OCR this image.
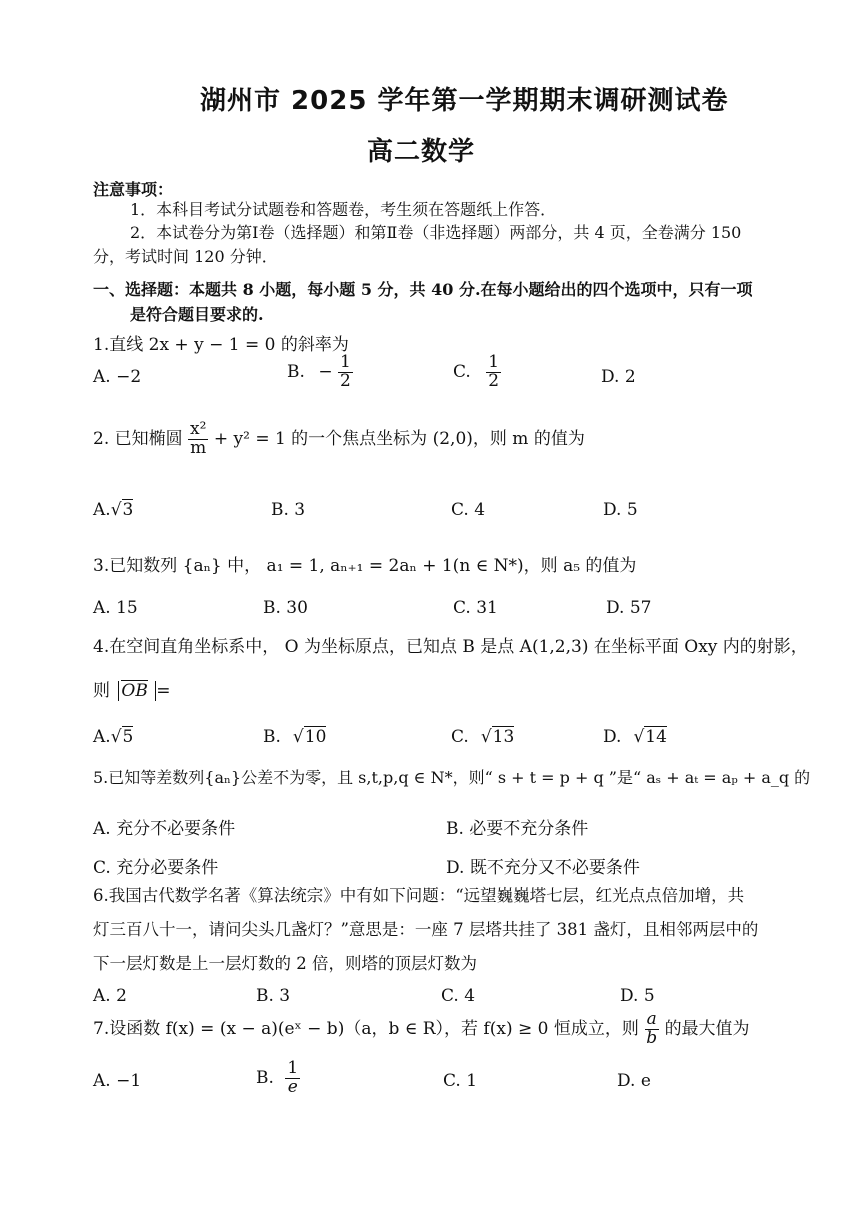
湖州市 2025 学年第一学期期末调研测试卷
高二数学
注意事项：
1．本科目考试分试题卷和答题卷，考生须在答题纸上作答．
2．本试卷分为第Ⅰ卷（选择题）和第Ⅱ卷（非选择题）两部分，共 4 页，全卷满分 150
分，考试时间 120 分钟．
一、选择题：本题共 8 小题，每小题 5 分，共 40 分.在每小题给出的四个选项中，只有一项
是符合题目要求的.
1.直线 2x + y − 1 = 0 的斜率为
A. −2	B. − $\frac{1}{2}$	C. $\frac{1}{2}$	D. 2
2. 已知椭圆 $\frac{\text{x²}}{m} + y^2 = 1$ 的一个焦点坐标为 (2,0)，则 m 的值为
A.√3	B. 3	C. 4	D. 5
3.已知数列 {aₙ} 中， a₁ = 1, aₙ₊₁ = 2aₙ + 1(n ∈ N*)，则 a₅ 的值为
A. 15	B. 30	C. 31	D. 57
4.在空间直角坐标系中， O 为坐标原点，已知点 B 是点 A(1,2,3) 在坐标平面 Oxy 内的射影，
则 OB =
A.√5	B. √10	C. √13	D. √14
5.已知等差数列{aₙ}公差不为零，且 s,t,p,q ∈ N*，则“ s + t = p + q ”是“ aₛ + aₜ = aₚ + a_q 的
A. 充分不必要条件	B. 必要不充分条件
C. 充分必要条件	D. 既不充分又不必要条件
6.我国古代数学名著《算法统宗》中有如下问题：“远望巍巍塔七层，红光点点倍加增，共
灯三百八十一，请问尖头几盏灯？”意思是：一座 7 层塔共挂了 381 盏灯，且相邻两层中的
下一层灯数是上一层灯数的 2 倍，则塔的顶层灯数为
A. 2	B. 3	C. 4	D. 5
7.设函数 f(x) = (x − a)(eˣ − b)（a，b ∈ R），若 f(x) ≥ 0 恒成立，则 $\frac{a}{b}$ 的最大值为
A. −1	B. $\frac{1}{e}$	C. 1	D. e
